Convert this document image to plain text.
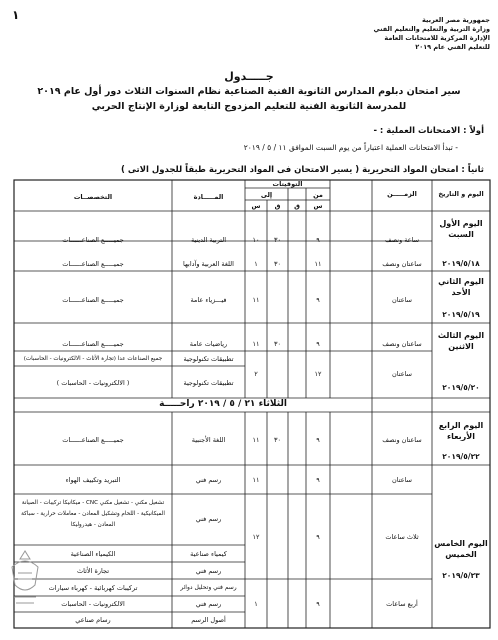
١	جمهورية مصر العربية
وزارة التربية والتعليم والتعليم الفني
الإدارة المركزية للامتحانات العامة
للتعليم الفني عام ٢٠١٩
جـــــدول
سير امتحان دبلوم المدارس الثانوية الفنية الصناعية نظام السنوات الثلاث دور أول عام ٢٠١٩
للمدرسة الثانوية الفنية للتعليم المزدوج التابعة لوزارة الإنتاج الحربي
أولاً : الامتحانات العملية : -
- تبدأ الامتحانات العملية اعتباراً من يوم السبت الموافق ١١ / ٥ / ٢٠١٩
ثانياً : امتحان المواد التحريرية ( يسير الامتحان فى المواد التحريرية طبقاً للجدول الاتى )
اليوم و التاريخ
الزمـــــن
التوقيتات
من
إلى
س
ق
ق
س
المـــــادة
التخصصــات
اليوم الأول
السبت
٢٠١٩/٥/١٨
اليوم الثاني
الأحد
٢٠١٩/٥/١٩
اليوم الثالث
الاثنين
٢٠١٩/٥/٢٠
اليوم الرابع
الأربعاء
٢٠١٩/٥/٢٢
اليوم الخامس
الخميس
٢٠١٩/٥/٢٣
ساعة ونصف
٩
٣٠
١٠
التربية الدينية
جميـــــع الصناعــــــات
ساعتان ونصف
١١
٣٠
١
اللغة العربية وآدابها
جميـــــع الصناعــــــات
ساعتان
٩
١١
فيـــزياء عامة
جميـــــع الصناعــــــات
ساعتان ونصف
٩
٣٠
١١
رياضيات عامة
جميـــــع الصناعــــــات
ساعتان
١٢
٢
تطبيقات تكنولوجية
تطبيقات تكنولوجية
جميع الصناعات عدا (تجارة الأثاث - الالكترونيات - الحاسبات)
( الالكترونيات - الحاسبات )
الثلاثاء ٢١ / ٥ / ٢٠١٩ راحـــــة
ساعتان ونصف
٩
٣٠
١١
اللغة الأجنبية
جميـــــع الصناعــــــات
ساعتان
٩
١١
رسم فني
التبريد وتكييف الهواء
ثلاث ساعات
٩
١٢
رسم فني
تشغيل مكني - تشغيل مكني CNC - ميكانيكا تركيبات - الصيانة الميكانيكية - اللحام وتشكيل المعادن - معاملات حرارية - سباكة المعادن - هيدروليكا
كيمياء صناعية
الكيمياء الصناعية
رسم فني
تجارة الأثاث
رسم فني وتحليل دوائر
تركيبات كهربائية - كهرباء سيارات
أربع ساعات
٩
١
رسم فني
الالكترونيات - الحاسبات
أصول الرسم
رسام صناعي
